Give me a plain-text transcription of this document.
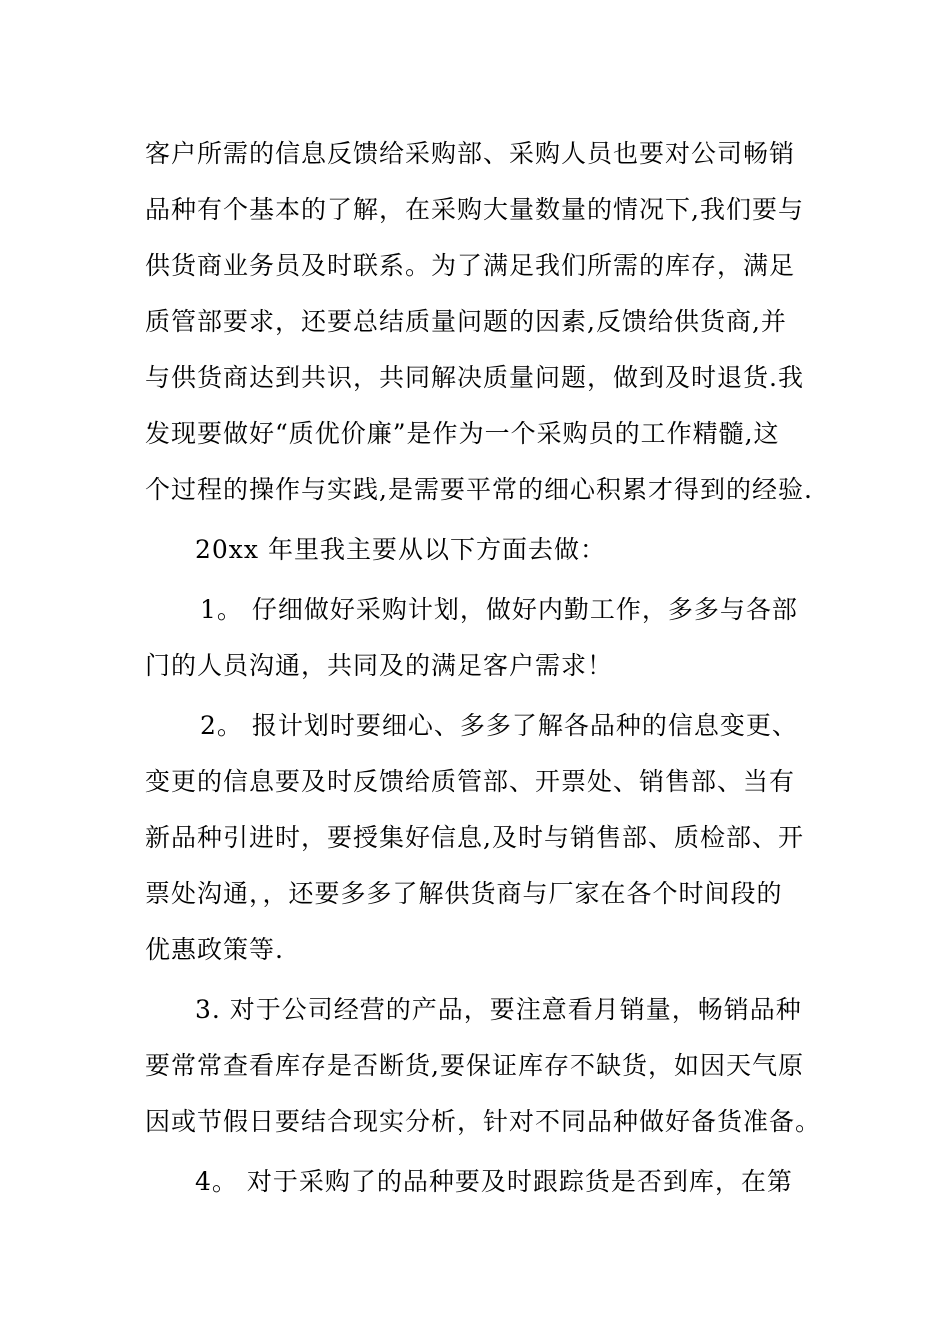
客户所需的信息反馈给采购部、采购人员也要对公司畅销
品种有个基本的了解，在采购大量数量的情况下,我们要与
供货商业务员及时联系。为了满足我们所需的库存，满足
质管部要求，还要总结质量问题的因素,反馈给供货商,并
与供货商达到共识，共同解决质量问题，做到及时退货.我
发现要做好“质优价廉”是作为一个采购员的工作精髓,这
个过程的操作与实践,是需要平常的细心积累才得到的经验.
20xx 年里我主要从以下方面去做：
1。 仔细做好采购计划，做好内勤工作，多多与各部
门的人员沟通，共同及的满足客户需求！
2。 报计划时要细心、多多了解各品种的信息变更、
变更的信息要及时反馈给质管部、开票处、销售部、当有
新品种引进时，要授集好信息,及时与销售部、质检部、开
票处沟通，，还要多多了解供货商与厂家在各个时间段的
优惠政策等.
3. 对于公司经营的产品，要注意看月销量，畅销品种
要常常查看库存是否断货,要保证库存不缺货，如因天气原
因或节假日要结合现实分析，针对不同品种做好备货准备。
4。 对于采购了的品种要及时跟踪货是否到库，在第
